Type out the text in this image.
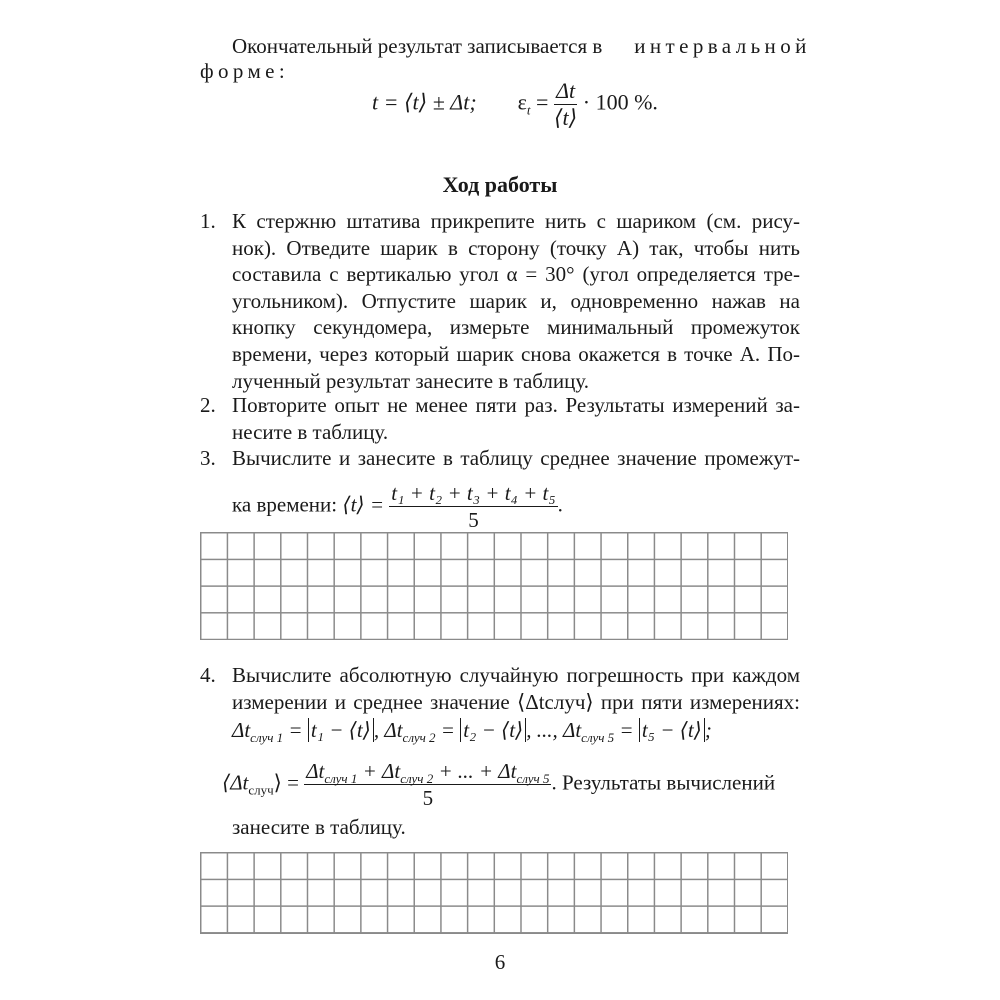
Окончательный результат записывается в	интервальной
форме:
t = ⟨t⟩ ± Δt; $\varepsilon_t = \frac{\Delta t}{⟨t⟩} \cdot 100$ %.
Ход работы
1. К стержню штатива прикрепите нить с шариком (см. рису-
нок). Отведите шарик в сторону (точку A) так, чтобы нить
составила с вертикалью угол α = 30° (угол определяется тре-
угольником). Отпустите шарик и, одновременно нажав на
кнопку секундомера, измерьте минимальный промежуток
времени, через который шарик снова окажется в точке A. По-
лученный результат занесите в таблицу.
2. Повторите опыт не менее пяти раз. Результаты измерений за-
несите в таблицу.
3. Вычислите и занесите в таблицу среднее значение промежут-
ка времени: ⟨t⟩ = $\frac{\text{t₁ + t₂ + t₃ + t₄ + t₅}}{5}$ .
4. Вычислите абсолютную случайную погрешность при каждом
измерении и среднее значение ⟨Δtслуч⟩ при пяти измерениях:
$\Delta t_{случ 1} = t_1$ − ⟨t⟩ , $\Delta t_{случ 2} = t_2$ − ⟨t⟩ , ..., $\Delta t_{случ 5} = t_5$ − ⟨t⟩ ;
$⟨\Delta t_{случ}⟩ = \frac{\Delta t_{случ 1} + \Delta t_{случ 2} + ... + \Delta t_{случ 5}}{5}$ . Результаты вычислений
занесите в таблицу.
6
